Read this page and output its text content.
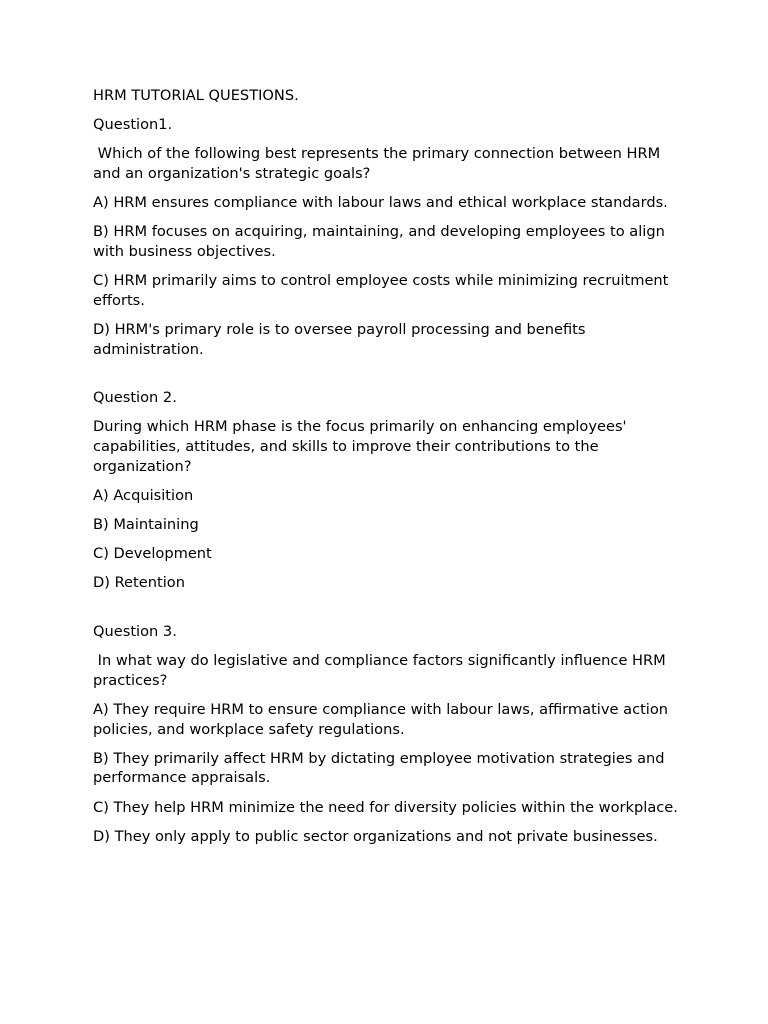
HRM TUTORIAL QUESTIONS.

Question1.

Which of the following best represents the primary connection between HRM and an organization's strategic goals?

A) HRM ensures compliance with labour laws and ethical workplace standards.

B) HRM focuses on acquiring, maintaining, and developing employees to align with business objectives.

C) HRM primarily aims to control employee costs while minimizing recruitment efforts.

D) HRM's primary role is to oversee payroll processing and benefits administration.

Question 2.

During which HRM phase is the focus primarily on enhancing employees' capabilities, attitudes, and skills to improve their contributions to the organization?

A) Acquisition

B) Maintaining

C) Development

D) Retention

Question 3.

In what way do legislative and compliance factors significantly influence HRM practices?

A) They require HRM to ensure compliance with labour laws, affirmative action policies, and workplace safety regulations.

B) They primarily affect HRM by dictating employee motivation strategies and performance appraisals.

C) They help HRM minimize the need for diversity policies within the workplace.

D) They only apply to public sector organizations and not private businesses.
